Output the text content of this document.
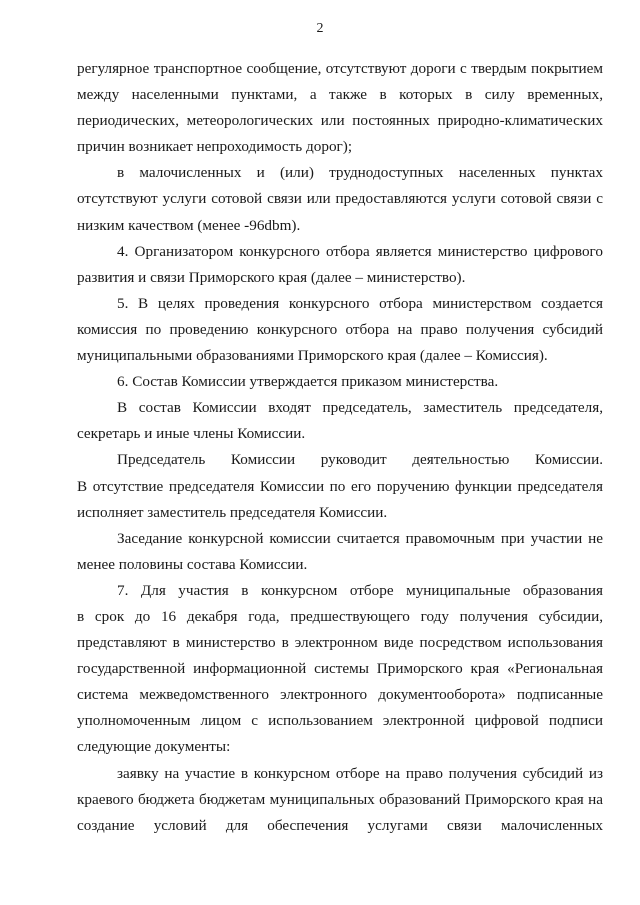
2
регулярное транспортное сообщение, отсутствуют дороги с твердым покрытием
между населенными пунктами, а также в которых в силу временных,
периодических, метеорологических или постоянных природно-климатических
причин возникает непроходимость дорог);
в малочисленных и (или) труднодоступных населенных пунктах
отсутствуют услуги сотовой связи или предоставляются услуги сотовой связи с
низким качеством (менее -96dbm).
4. Организатором конкурсного отбора является министерство цифрового
развития и связи Приморского края (далее – министерство).
5. В целях проведения конкурсного отбора министерством создается
комиссия по проведению конкурсного отбора на право получения субсидий
муниципальными образованиями Приморского края (далее – Комиссия).
6. Состав Комиссии утверждается приказом министерства.
В состав Комиссии входят председатель, заместитель председателя,
секретарь и иные члены Комиссии.
Председатель Комиссии руководит деятельностью Комиссии.
В отсутствие председателя Комиссии по его поручению функции председателя
исполняет заместитель председателя Комиссии.
Заседание конкурсной комиссии считается правомочным при участии не
менее половины состава Комиссии.
7. Для участия в конкурсном отборе муниципальные образования
в срок до 16 декабря года, предшествующего году получения субсидии,
представляют в министерство в электронном виде посредством использования
государственной информационной системы Приморского края «Региональная
система межведомственного электронного документооборота» подписанные
уполномоченным лицом с использованием электронной цифровой подписи
следующие документы:
заявку на участие в конкурсном отборе на право получения субсидий из
краевого бюджета бюджетам муниципальных образований Приморского края на
создание условий для обеспечения услугами связи малочисленных
